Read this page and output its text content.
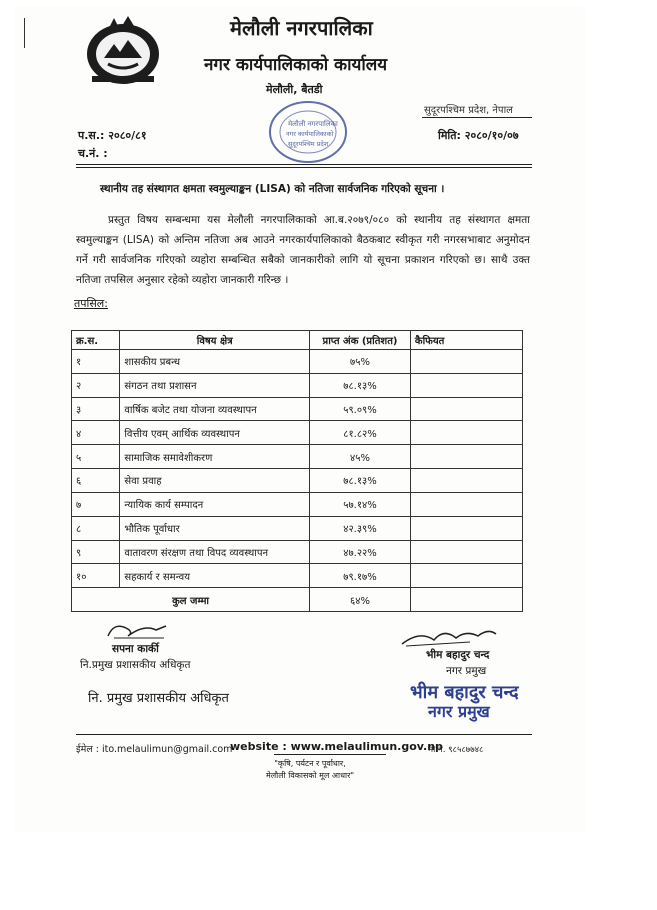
मेलौली नगरपालिका
नगर कार्यपालिकाको कार्यालय
मेलौली, बैतडी
सुदूरपश्चिम प्रदेश, नेपाल
मेलौली नगरपालिका
नगर कार्यपालिकाको
सुदूरपश्चिम प्रदेश
प.स.: २०८०/८१
च.नं. :
मिति: २०८०/१०/०७
स्थानीय तह संस्थागत क्षमता स्वमुल्याङ्कन (LISA) को नतिजा सार्वजनिक गरिएको सूचना ।
प्रस्तुत विषय सम्बन्धमा यस मेलौली नगरपालिकाको आ.ब.२०७९/०८० को स्थानीय तह संस्थागत क्षमता स्वमुल्याङ्कन (LISA) को अन्तिम नतिजा अब आउने नगरकार्यपालिकाको बैठकबाट स्वीकृत गरी नगरसभाबाट अनुमोदन गर्ने गरी सार्वजनिक गरिएको व्यहोरा सम्बन्धित सबैको जानकारीको लागि यो सूचना प्रकाशन गरिएको छ। साथै उक्त नतिजा तपसिल अनुसार रहेको व्यहोरा जानकारी गरिन्छ ।
तपसिल:
क्र.स.	विषय क्षेत्र	प्राप्त अंक (प्रतिशत)	कैफियत
१	शासकीय प्रबन्ध	७५%	
२	संगठन तथा प्रशासन	७८.१३%	
३	वार्षिक बजेट तथा योजना व्यवस्थापन	५९.०९%	
४	वित्तीय एवम् आर्थिक व्यवस्थापन	८१.८२%	
५	सामाजिक समावेशीकरण	४५%	
६	सेवा प्रवाह	७८.१३%	
७	न्यायिक कार्य सम्पादन	५७.१४%	
८	भौतिक पूर्वाधार	४२.३९%	
९	वातावरण संरक्षण तथा विपद व्यवस्थापन	४७.२२%	
१०	सहकार्य र समन्वय	७९.१७%	
कुल जम्मा		६४%	
सपना कार्की
नि.प्रमुख प्रशासकीय अधिकृत
नि. प्रमुख प्रशासकीय अधिकृत
भीम बहादुर चन्द
नगर प्रमुख
भीम बहादुर चन्द
नगर प्रमुख
ईमेल : ito.melaulimun@gmail.com
website : www.melaulimun.gov.np
मो नं. ९८५८७७४८
"कृषि, पर्यटन र पूर्वाधार,
मेलौली विकासको मूल आधार"
